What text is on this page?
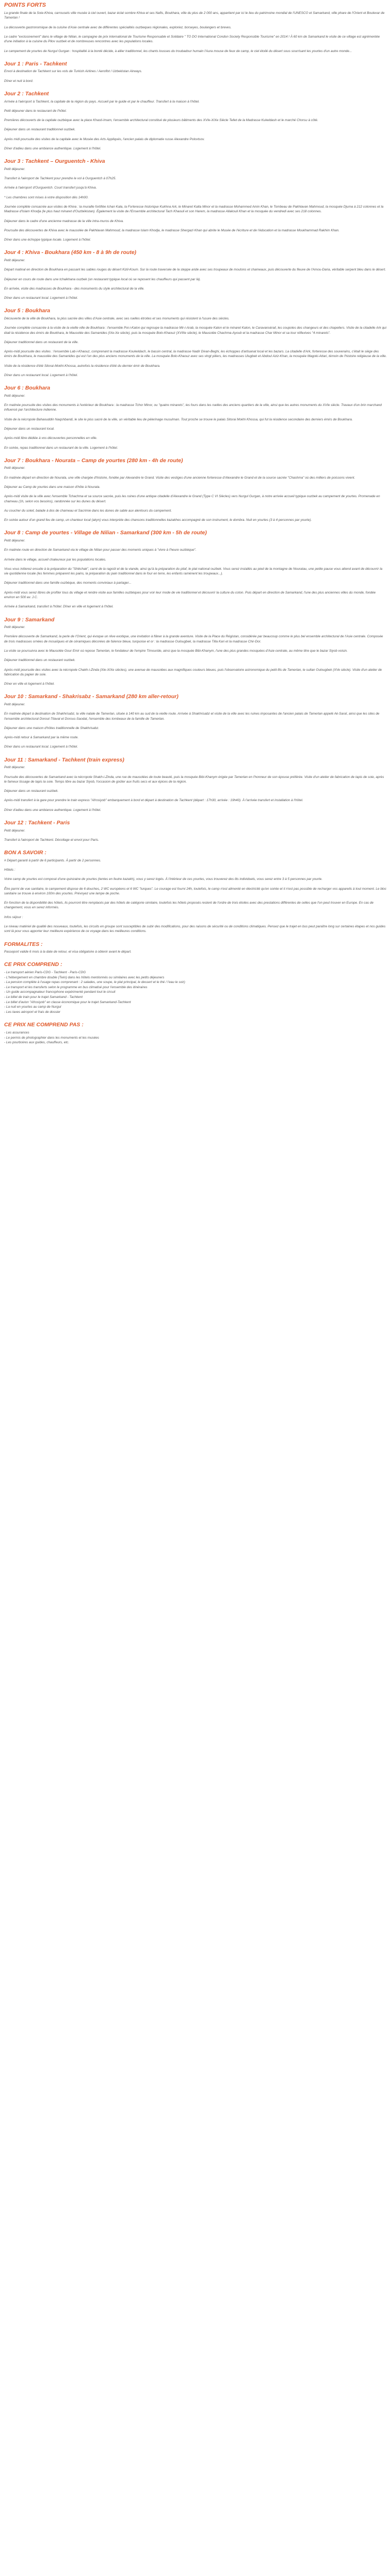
POINTS FORTS

La grande finale de la Soie-Khiva, carrousels ville musée à ciel ouvert, bazar éclat sombre Khiva et ses Nafts, Boukhara, ville du plus de 2 000 ans, appartient par ici le lieu du patrimoine mondial de l'UNESCO et Samarkand, ville phare de l'Orient et Boulevar de Tamerlan !

La découverte gastronomique de la cuisine d'Asie centrale avec de différentes spécialités ouzbeques régionales, exploriez, borseyes, boulangers et breves.

Le cadre "exclusivement" dans le village de Nilian, le campagne de prix international de Tourisme Responsable et Solidaire " TO DO International Condon Society Responsible Tourisme" en 2014 ! À 60 km de Samarkand le visite de ce village est agrémentée d'une initiation à la cuisine du Pilov ouzbek et de nombreuses rencontres avec les populations locales.

Le campement de yourtes de Nurgul Gurgan : hospitalité à la bonté décide, à allier traditionnel, les chants lousses du troubadour humain l'Aura mouse de feux de camp, le ciel étoilé du désert sous sourrisant les yourtes d'un autre monde...

Jour 1 : Paris - Tachkent

Envol à destination de Tachkent sur les vols de Turkish Airlines / Aeroflot / Uzbekistan Airways.

Dîner et nuit à bord.

Jour 2 : Tachkent

Arrivée à l'aéroport à Tachkent, la capitale de la région du pays. Accueil par le guide et par le chauffeur. Transfert à la maison à l'hôtel.

Petit déjeuner dans le restaurant de l'hôtel.

Premières découverts de la capitale ouzbèque avec la place Khasti-Imam, l'ensemble architectural constitué de plusieurs bâtiments des XVIe-XIXe Siècle Tellet de la Madrasse Kukeldash et le marché Chorsu à côté.

Déjeuner dans un restaurant traditionnel ouzbek.

Après midi poursuite des visites de la capitale avec le Musée des Arts Appliqués, l'ancien palais de diplomatie russe Alexandre Polovtsov.

Dîner d'adieu dans une ambiance authentique. Logement à l'hôtel.

Jour 3 : Tachkent – Ourguentch - Khiva

Petit déjeuner.

Transfert à l'aéroport de Tachkent pour prendre le vol à Ourguentch à 07h25.

Arrivée à l'aéroport d'Ourguentch. Court transfert jusqu'à Khiva.

* Les chambres sont mises à votre disposition dès 14h00.

Journée complète consacrée aux visites de Khiva : la muraille fortifiée Ichan Kala, la Forteresse historique Kukhna Ark, le Minaret Kalta Minor et la madrasse Mohammed Amin Khan, le Tombeau de Pakhlavan Mahmoud, la mosquée Djuma à 212 colonnes et la Madrasse d'Islam Khodja (le plus haut minaret d'Ouzbékistan). Également la visite de l'Ensemble architectural Tach Khaouli et son Harem, la madrasse Allakouli Khan et la mosquée du vendredi avec ses 218 colonnes.

Déjeuner dans le cadre d'une ancienne madrasse de la ville intra-muros de Khiva.

Poursuite des découvertes de Khiva avec le mausolée de Pakhlavan Mahmoud, la madrasse Islam Khodja, le madrasse Shergazi Khan qui abrite le Musée de l'écriture et de l'éducation et la madrasse Moukhammad Rakhim Khan.

Dîner dans une échoppe typique locale. Logement à l'hôtel.

Jour 4 : Khiva - Boukhara (450 km - 8 à 9h de route)

Petit déjeuner.

Départ matinal en direction de Boukhara en passant les sables rouges du désert Kizil-Koum. Sur la route traversée de la steppe aride avec ses troupeaux de moutons et chameaux, puis découverte du fleuve de l'Amou-Daria, véritable serpent bleu dans le désert.

Déjeuner en cours de route dans une tchaikhana ouzbek (un restaurant typique local où se reposent les chauffeurs qui passent par là).

En arrivée, visite des madrasses de Boukhara - des monuments du style architectural de la ville.

Dîner dans un restaurant local. Logement à l'hôtel.

Jour 5 : Boukhara

Découverte de la ville de Boukhara, la plus sacrée des villes d'Asie centrale, avec ses ruelles étroites et ses monuments qui résistent à l'usure des siècles.

Journée complète consacrée à la visite de la vieille ville de Boukhara : l'ensemble Poi-i-Kalon qui regroupe la madrasse Mir-i-Arab, la mosquée Kalon et le minaret Kalon, le Caravansérail, les coupoles des changeurs et des chapeliers. Visite de la citadelle Ark qui était la résidence des émirs de Boukhara, le Mausolée des Samanides (IXe-Xe siècle), puis la mosquée Bolo-Khaouz (XVIIIe siècle), le Mausolée Chachma-Ayoub et la madrasse Char Minor et sa tour réflexives "4 minarets".

Déjeuner traditionnel dans un restaurant de la ville.

Après-midi poursuite des visites : l'ensemble Lab-i-Khaouz, comprenant la madrasse Koukeldach, le bassin central, la madrasse Nadir Divan-Beghi, les échoppes d'artisanat local et les bazars. La citadelle d'Ark, forteresse des souverains, c'était le siège des émirs de Boukhara, le mausolée des Samanides qui est l'un des plus anciens monuments de la ville. La mosquée Bolo-Khaouz avec ses vingt piliers, les madrasses Ulugbek et Abdoul Aziz-Khan, la mosquée Magoki-Attari, témoin de l'histoire religieuse de la ville.

Visite de la résidence d'été Sitorai-Mokhi-Khossa, autrefois la résidence d'été du dernier émir de Boukhara.

Dîner dans un restaurant local. Logement à l'hôtel.

Jour 6 : Boukhara

Petit déjeuner.

En matinée poursuite des visites des monuments à l'extérieur de Boukhara : la madrasse Tchor Minor, ou "quatre minarets", les fours dans les ruelles des anciens quartiers de la ville, ainsi que les autres monuments du XVIe siècle. Travaux d'un brin marchand influencé par l'architecture indienne.

Visite de la nécropole Bahaouddin Naqshbandi, le site le plus sacré de la ville, un véritable lieu de pèlerinage musulman. Tout proche se trouve le palais Sitorai Mokhi Khossa, qui fut la résidence secondaire des derniers émirs de Boukhara.

Déjeuner dans un restaurant local.

Après-midi libre dédiée à vos découvertes personnelles en ville.

En soirée, repas traditionnel dans un restaurant de la ville. Logement à l'hôtel.

Jour 7 : Boukhara - Nourata – Camp de yourtes (280 km - 4h de route)

Petit déjeuner.

En matinée départ en direction de Nourata, une ville chargée d'histoire, fondée par Alexandre le Grand. Visite des vestiges d'une ancienne forteresse d'Alexandre le Grand et de la source sacrée "Chashma" où des milliers de poissons vivent.

Déjeuner au Camp de yourtes dans une maison d'hôte à Nourata.

Après-midi visite de la ville avec l'ensemble Tchachma et sa source sacrée, puis les ruines d'une antique citadelle d'Alexandre le Grand (Type C VI Siècles) vers Nurgul Gurgan, à notre arrivée accueil typique ouzbek au campement de yourtes. Promenade en chameau (1h, selon vos besoins), randonnée sur les dunes du désert.

Au coucher du soleil, balade à dos de chameau et Sacrimie dans les dunes de sable aux alentours du campement.

En soirée autour d'un grand feu de camp, un chanteur local (akyn) vous interprète des chansons traditionnelles kazakhes accompagné de son instrument, le dombra. Nuit en yourtes (3 à 4 personnes par yourte).

Jour 8 : Camp de yourtes - Village de Nilian - Samarkand (300 km - 5h de route)

Petit déjeuner.

En matinée route en direction de Samarkand via le village de Nilian pour passer des moments uniques à "vivre à l'heure ouzbèque".

Arrivée dans le village, accueil chaleureux par les populations locales.

Vous vous initierez ensuite à la préparation du "Shikchak", carré de la ragoût et de la viande, ainsi qu'à la préparation du pilaf, le plat national ouzbek. Vous serez installés au pied de la montagne de Nouratau, une petite pause vous attend avant de découvrir la vie quotidienne locale (les femmes préparent les pains, la préparation du pain traditionnel dans le four en terre, les enfants ramènent les troupeaux...).

Déjeuner traditionnel dans une famille ouzbèque, des moments conviviaux à partager...

Après-midi vous serez libres de profiter tous du village et rendre visite aux familles ouzbèques pour voir leur mode de vie traditionnel et découvrir la culture du coton. Puis départ en direction de Samarkand, l'une des plus anciennes villes du monde, fondée environ en 500 av. J.C.

Arrivée à Samarkand, transfert à l'hôtel. Dîner en ville et logement à l'hôtel.

Jour 9 : Samarkand

Petit déjeuner.

Première découverte de Samarkand, la perle de l'Orient, qui évoque un rêve exotique, une invitation à flâner à la grande aventure. Visite de la Place du Régistan, considérée par beaucoup comme le plus bel ensemble architectural de l'Asie centrale. Composée de trois madrasses ornées de mosaïques et de céramiques décorées de faïence bleue, turquoise et or : la madrasse Oulougbek, la madrasse Tilla Kari et la madrasse Chir-Dor.

La visite se poursuivra avec le Mausolée Gour Emir où repose Tamerlan, le fondateur de l'empire Timouride, ainsi que la mosquée Bibi-Khanym, l'une des plus grandes mosquées d'Asie centrale, au même titre que le bazar Siyob voisin.

Déjeuner traditionnel dans un restaurant ouzbek.

Après-midi poursuite des visites avec la nécropole Chakh-i-Zinda (XIe-XIXe siècles), une avenue de mausolées aux magnifiques couleurs bleues, puis l'observatoire astronomique du petit-fils de Tamerlan, le sultan Oulougbek (XVe siècle). Visite d'un atelier de fabrication du papier de soie.

Dîner en ville et logement à l'hôtel.

Jour 10 : Samarkand - Shakrisabz - Samarkand (280 km aller-retour)

Petit déjeuner.

En matinée départ à destination de Shakhrisabz, la ville natale de Tamerlan, située à 140 km au sud de la vieille route. Arrivée à Shakhrisabz et visite de la ville avec les ruines imposantes de l'ancien palais de Tamerlan appelé Ak-Saraï, ainsi que les sites de l'ensemble architectural Dorout-Tilavat et Dorous-Saodat, l'ensemble des tombeaux de la famille de Tamerlan.

Déjeuner dans une maison d'hôtes traditionnelle de Shakhrisabz.

Après-midi retour à Samarkand par la même route.

Dîner dans un restaurant local. Logement à l'hôtel.

Jour 11 : Samarkand - Tachkent (train express)

Petit déjeuner.

Poursuite des découvertes de Samarkand avec la nécropole Shakh-i-Zinda, une rue de mausolées de toute beauté, puis la mosquée Bibi-Khanym érigée par Tamerlan en l'honneur de son épouse préférée. Visite d'un atelier de fabrication de tapis de soie, après le fameux tissage de tapis la soie. Temps libre au bazar Siyob, l'occasion de goûter aux fruits secs et aux épices de la région.

Déjeuner dans un restaurant ouzbek.

Après-midi transfert à la gare pour prendre le train express "Afrosiyob" embarquement à bord et départ à destination de Tachkent (départ : 17h30, arrivée : 19h40). À l'arrivée transfert et installation à l'hôtel.

Dîner d'adieu dans une ambiance authentique. Logement à l'hôtel.

Jour 12 : Tachkent - Paris

Petit déjeuner.

Transfert à l'aéroport de Tachkent. Décollage et envol pour Paris.

BON A SAVOIR :

# Départ garanti à partir de 6 participants. À partir de 2 personnes.

Hôtels :

Votre camp de yourtes est composé d'une quinzaine de yourtes (tentes en feutre kazakh), vous y serez logés. À l'intérieur de ces yourtes, vous trouverez des lits individuels, vous serez entre 3 à 5 personnes par yourte.

Être parmi de vue sanitaire, le campement dispose de 6 douches, 2 WC européens et 6 WC "turques". Le courage est fourni 24h, toutefois, le camp n'est alimenté en électricité qu'en soirée et il n'est pas possible de recharger vos appareils à tout moment. Le bloc sanitaire se trouve à environ 100m des yourtes. Prévoyez une lampe de poche.

En fonction de la disponibilité des hôtels, ils pourront être remplacés par des hôtels de catégorie similaire, toutefois les hôtels proposés restent de l'ordre de trois étoiles avec des prestations différentes de celles que l'on peut trouver en Europe. En cas de changement, vous en serez informés.

Infos séjour :

Le niveau matériel de qualité des nouveaux, toutefois, les circuits en groupe sont susceptibles de subir des modifications, pour des raisons de sécurité ou de conditions climatiques. Pensez que le trajet en bus peut paraître long sur certaines étapes et nos guides sont là pour vous apporter leur meilleure expérience de ce voyage dans les meilleures conditions.

FORMALITES :

Passeport valide 6 mois à la date de retour, et visa obligatoire à obtenir avant le départ.

CE PRIX COMPREND :
- Le transport aérien Paris-CDG - Tachkent - Paris-CDG
- L'hébergement en chambre double (Twin) dans les hôtels mentionnés ou similaires avec les petits déjeuners
- La pension complète à l'usage repas comprenant : 2 salades, une soupe, le plat principal, le dessert et le thé / l'eau le soir)
- Le transport et les transferts selon le programme en bus climatisé pour l'ensemble des itinéraires
- Un guide accompagnateur francophone expérimenté pendant tout le circuit
- Le billet de train pour le trajet Samarkand - Tachkent
- Le billet d'avion "Afrosiyob" en classe économique pour le trajet Samarkand-Tachkent
- La nuit en yourtes au camp de Nurgul
- Les taxes aéroport et frais de dossier
CE PRIX NE COMPREND PAS :
- Les assurances
- Le permis de photographier dans les monuments et les musées
- Les pourboires aux guides, chauffeurs, etc.
